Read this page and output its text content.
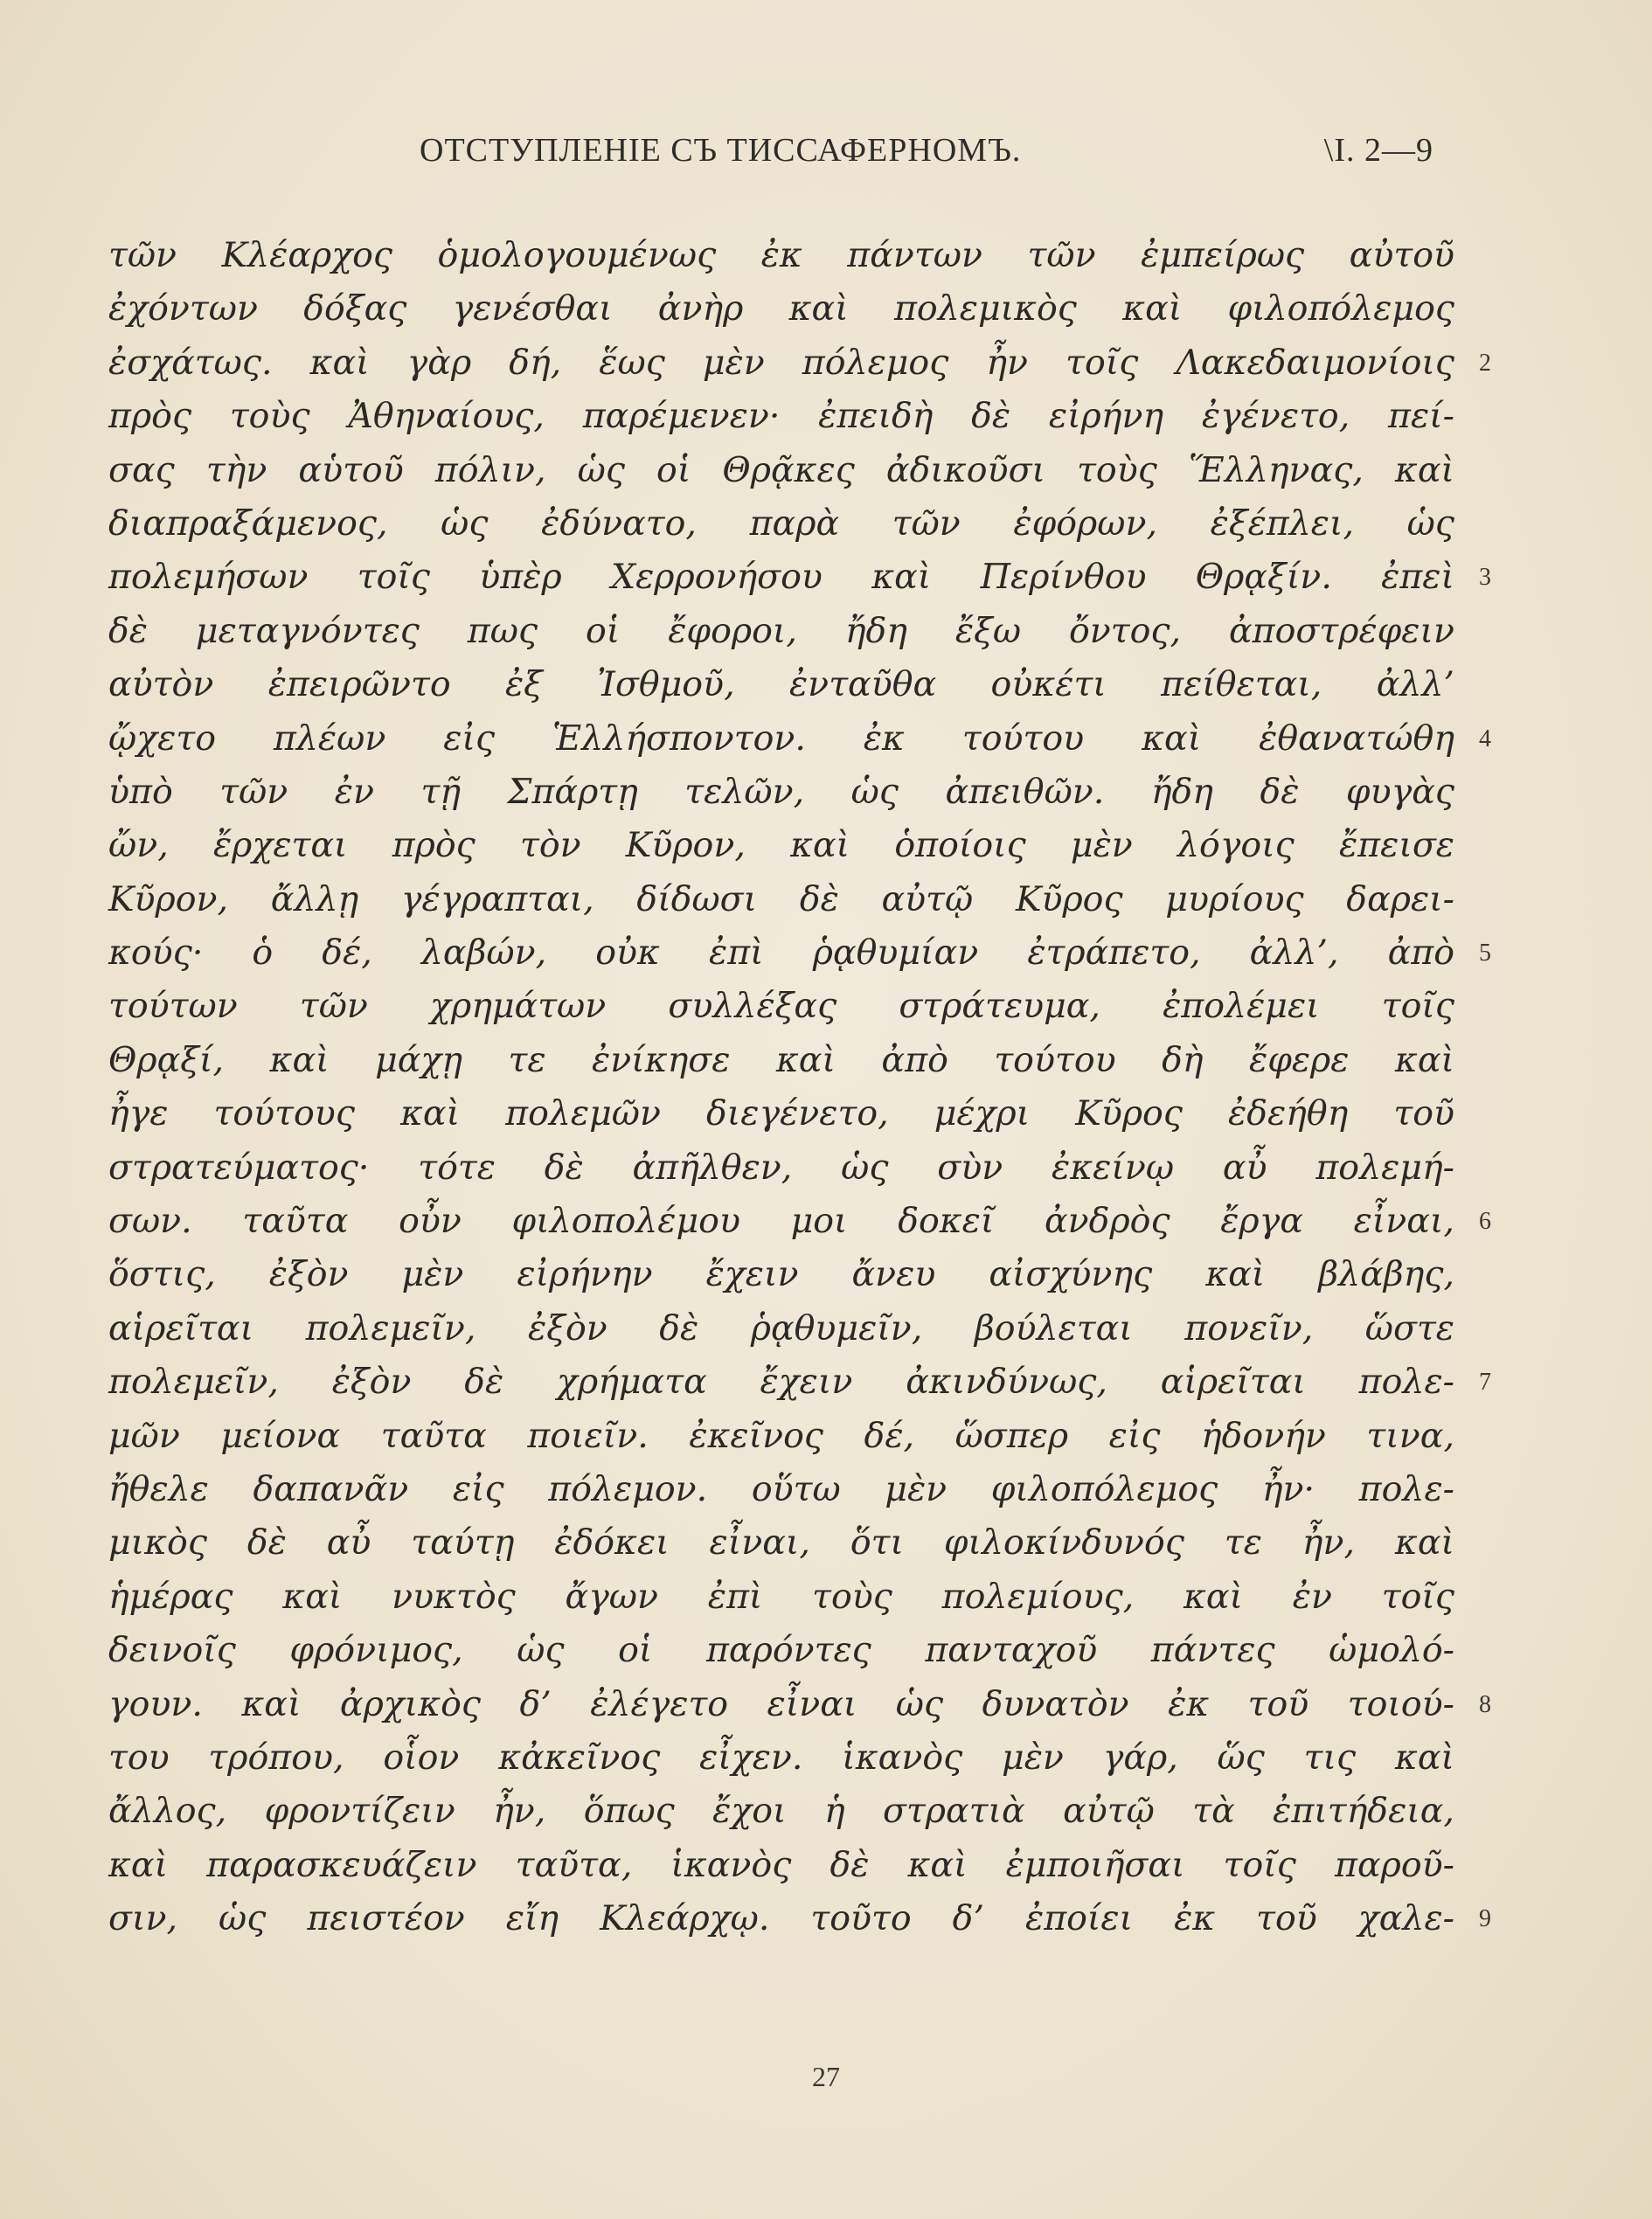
ОТСТУПЛЕНІЕ СЪ ТИССАФЕРНОМЪ.	\I. 2—9
τῶν Κλέαρχος ὁμολογουμένως ἐκ πάντων τῶν ἐμπείρως αὐτοῦ
ἐχόντων δόξας γενέσθαι ἀνὴρ καὶ πολεμικὸς καὶ φιλοπόλεμος
ἐσχάτως. καὶ γὰρ δή, ἕως μὲν πόλεμος ἦν τοῖς Λακεδαιμονίοις 2
πρὸς τοὺς Ἀθηναίους, παρέμενεν· ἐπειδὴ δὲ εἰρήνη ἐγένετο, πεί-
σας τὴν αὑτοῦ πόλιν, ὡς οἱ Θρᾷκες ἀδικοῦσι τοὺς Ἕλληνας, καὶ
διαπραξάμενος, ὡς ἐδύνατο, παρὰ τῶν ἐφόρων, ἐξέπλει, ὡς
πολεμήσων τοῖς ὑπὲρ Χερρονήσου καὶ Περίνθου Θρᾳξίν. ἐπεὶ 3
δὲ μεταγνόντες πως οἱ ἔφοροι, ἤδη ἔξω ὄντος, ἀποστρέφειν
αὐτὸν ἐπειρῶντο ἐξ Ἰσθμοῦ, ἐνταῦθα οὐκέτι πείθεται, ἀλλ’
ᾤχετο πλέων εἰς Ἑλλήσποντον. ἐκ τούτου καὶ ἐθανατώθη 4
ὑπὸ τῶν ἐν τῇ Σπάρτῃ τελῶν, ὡς ἀπειθῶν. ἤδη δὲ φυγὰς
ὤν, ἔρχεται πρὸς τὸν Κῦρον, καὶ ὁποίοις μὲν λόγοις ἔπεισε
Κῦρον, ἄλλῃ γέγραπται, δίδωσι δὲ αὐτῷ Κῦρος μυρίους δαρει-
κούς· ὁ δέ, λαβών, οὐκ ἐπὶ ῥᾳθυμίαν ἐτράπετο, ἀλλ’, ἀπὸ 5
τούτων τῶν χρημάτων συλλέξας στράτευμα, ἐπολέμει τοῖς
Θρᾳξί, καὶ μάχῃ τε ἐνίκησε καὶ ἀπὸ τούτου δὴ ἔφερε καὶ
ἦγε τούτους καὶ πολεμῶν διεγένετο, μέχρι Κῦρος ἐδεήθη τοῦ
στρατεύματος· τότε δὲ ἀπῆλθεν, ὡς σὺν ἐκείνῳ αὖ πολεμή-
σων. ταῦτα οὖν φιλοπολέμου μοι δοκεῖ ἀνδρὸς ἔργα εἶναι, 6
ὅστις, ἐξὸν μὲν εἰρήνην ἔχειν ἄνευ αἰσχύνης καὶ βλάβης,
αἱρεῖται πολεμεῖν, ἐξὸν δὲ ῥᾳθυμεῖν, βούλεται πονεῖν, ὥστε
πολεμεῖν, ἐξὸν δὲ χρήματα ἔχειν ἀκινδύνως, αἱρεῖται πολε- 7
μῶν μείονα ταῦτα ποιεῖν. ἐκεῖνος δέ, ὥσπερ εἰς ἡδονήν τινα,
ἤθελε δαπανᾶν εἰς πόλεμον. οὕτω μὲν φιλοπόλεμος ἦν· πολε-
μικὸς δὲ αὖ ταύτῃ ἐδόκει εἶναι, ὅτι φιλοκίνδυνός τε ἦν, καὶ
ἡμέρας καὶ νυκτὸς ἄγων ἐπὶ τοὺς πολεμίους, καὶ ἐν τοῖς
δεινοῖς φρόνιμος, ὡς οἱ παρόντες πανταχοῦ πάντες ὡμολό-
γουν. καὶ ἀρχικὸς δ’ ἐλέγετο εἶναι ὡς δυνατὸν ἐκ τοῦ τοιού- 8
του τρόπου, οἷον κἀκεῖνος εἶχεν. ἱκανὸς μὲν γάρ, ὥς τις καὶ
ἄλλος, φροντίζειν ἦν, ὅπως ἔχοι ἡ στρατιὰ αὐτῷ τὰ ἐπιτήδεια,
καὶ παρασκευάζειν ταῦτα, ἱκανὸς δὲ καὶ ἐμποιῆσαι τοῖς παροῦ-
σιν, ὡς πειστέον εἴη Κλεάρχῳ. τοῦτο δ’ ἐποίει ἐκ τοῦ χαλε- 9
27
